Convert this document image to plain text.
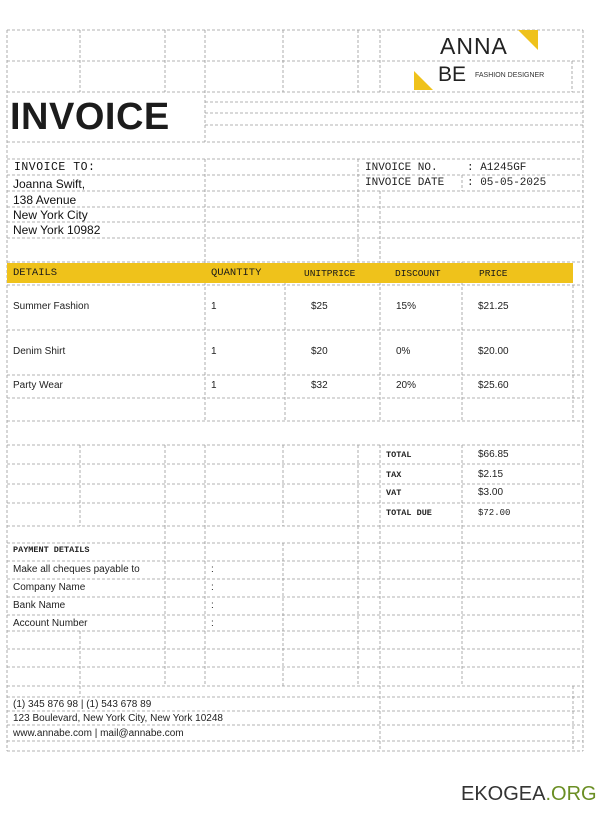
ANNA
BE FASHION DESIGNER
INVOICE
INVOICE TO:
Joanna Swift,
138 Avenue
New York City
New York 10982
INVOICE NO.	: A1245GF
INVOICE DATE : 05-05-2025
DETAILS	QUANTITY	UNITPRICE	DISCOUNT	PRICE
Summer Fashion	1	$25	15%	$21.25
Denim Shirt	1	$20	0%	$20.00
Party Wear	1	$32	20%	$25.60
TOTAL	$66.85
TAX	$2.15
VAT	$3.00
TOTAL DUE	$72.00
PAYMENT DETAILS
Make all cheques payable to	:
Company Name	:
Bank Name	:
Account Number	:
(1) 345 876 98 | (1) 543 678 89
123 Boulevard, New York City, New York 10248
www.annabe.com | mail@annabe.com
EKOGEA.ORG
